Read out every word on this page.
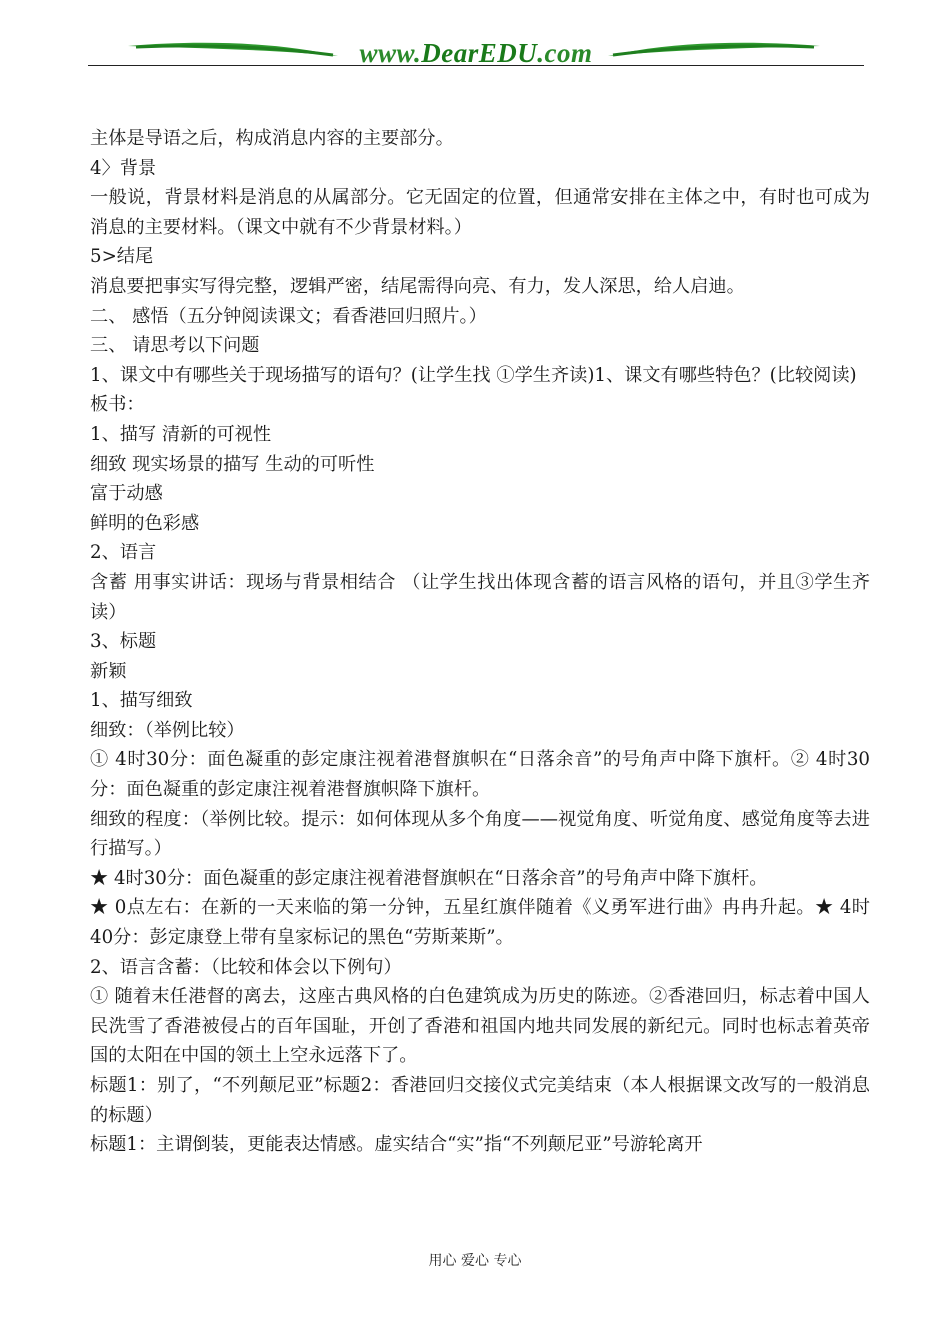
www.DearEDU.com

主体是导语之后，构成消息内容的主要部分。

4〉背景

一般说，背景材料是消息的从属部分。它无固定的位置，但通常安排在主体之中，有时也可成为消息的主要材料。（课文中就有不少背景材料。）

5>结尾

消息要把事实写得完整，逻辑严密，结尾需得向亮、有力，发人深思，给人启迪。

二、 感悟（五分钟阅读课文；看香港回归照片。）

三、 请思考以下问题

1、课文中有哪些关于现场描写的语句？(让学生找 ①学生齐读)1、课文有哪些特色？(比较阅读)

板书：

1、描写 清新的可视性

细致 现实场景的描写 生动的可听性

富于动感

鲜明的色彩感

2、语言

含蓄 用事实讲话：现场与背景相结合 （让学生找出体现含蓄的语言风格的语句，并且③学生齐读）

3、标题

新颖

1、描写细致

细致：（举例比较）

① 4时30分：面色凝重的彭定康注视着港督旗帜在“日落余音”的号角声中降下旗杆。② 4时30分：面色凝重的彭定康注视着港督旗帜降下旗杆。

细致的程度：（举例比较。提示：如何体现从多个角度——视觉角度、听觉角度、感觉角度等去进行描写。）

★ 4时30分：面色凝重的彭定康注视着港督旗帜在“日落余音”的号角声中降下旗杆。

★ 0点左右：在新的一天来临的第一分钟，五星红旗伴随着《义勇军进行曲》冉冉升起。★ 4时40分：彭定康登上带有皇家标记的黑色“劳斯莱斯”。

2、语言含蓄：（比较和体会以下例句）

① 随着末任港督的离去，这座古典风格的白色建筑成为历史的陈迹。②香港回归，标志着中国人民洗雪了香港被侵占的百年国耻，开创了香港和祖国内地共同发展的新纪元。同时也标志着英帝国的太阳在中国的领土上空永远落下了。

标题1：别了，“不列颠尼亚”标题2：香港回归交接仪式完美结束（本人根据课文改写的一般消息的标题）

标题1：主谓倒装，更能表达情感。虚实结合“实”指“不列颠尼亚”号游轮离开

用心 爱心 专心
